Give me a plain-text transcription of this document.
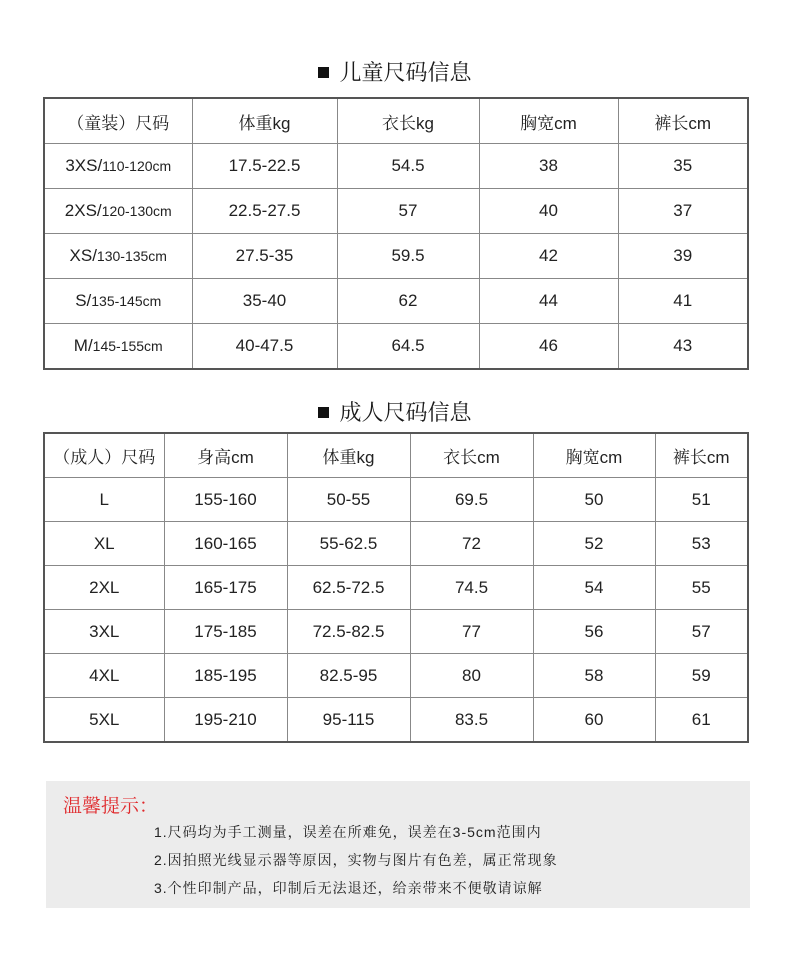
儿童尺码信息
（童装）尺码	体重kg	衣长kg	胸宽cm	裤长cm
3XS/110-120cm	17.5-22.5	54.5	38	35
2XS/120-130cm	22.5-27.5	57	40	37
XS/130-135cm	27.5-35	59.5	42	39
S/135-145cm	35-40	62	44	41
M/145-155cm	40-47.5	64.5	46	43
成人尺码信息
（成人）尺码	身高cm	体重kg	衣长cm	胸宽cm	裤长cm
L	155-160	50-55	69.5	50	51
XL	160-165	55-62.5	72	52	53
2XL	165-175	62.5-72.5	74.5	54	55
3XL	175-185	72.5-82.5	77	56	57
4XL	185-195	82.5-95	80	58	59
5XL	195-210	95-115	83.5	60	61
温馨提示：
1.尺码均为手工测量，误差在所难免，误差在3-5cm范围内
2.因拍照光线显示器等原因，实物与图片有色差，属正常现象
3.个性印制产品，印制后无法退还，给亲带来不便敬请谅解
